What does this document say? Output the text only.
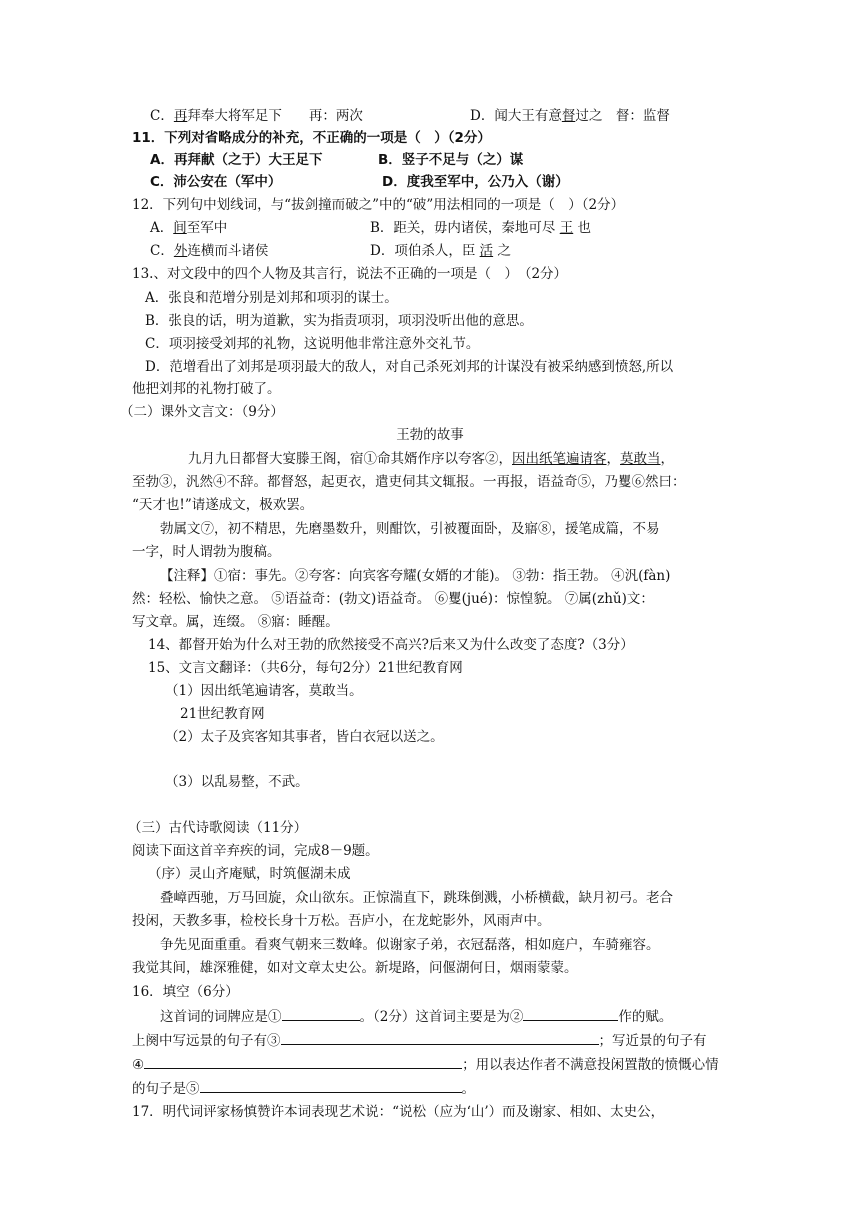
C．再拜奉大将军足下　　再：两次	D．闻大王有意督过之　督：监督
11．下列对省略成分的补充，不正确的一项是（　）（2分）
A．再拜献（之于）大王足下	B．竖子不足与（之）谋
C．沛公安在（军中）	D．度我至军中，公乃入（谢）
12．下列句中划线词，与“拔剑撞而破之”中的“破”用法相同的一项是（　）（2分）
A．间至军中	B．距关，毋内诸侯，秦地可尽 王 也
C．外连横而斗诸侯	D．项伯杀人，臣 活 之
13.、对文段中的四个人物及其言行，说法不正确的一项是（　）　（2分）
A．张良和范增分别是刘邦和项羽的谋士。
B．张良的话，明为道歉，实为指责项羽，项羽没听出他的意思。
C．项羽接受刘邦的礼物，这说明他非常注意外交礼节。
D．范增看出了刘邦是项羽最大的敌人，对自己杀死刘邦的计谋没有被采纳感到愤怒,所以
他把刘邦的礼物打破了。
（二）课外文言文：（9分）
王勃的故事
九月九日都督大宴滕王阁，宿①命其婿作序以夸客②，因出纸笔遍请客，莫敢当，
至勃③，汎然④不辞。都督怒，起更衣，遣吏伺其文辄报。一再报，语益奇⑤，乃矍⑥然曰：
“天才也!”请遂成文，极欢罢。
勃属文⑦，初不精思，先磨墨数升，则酣饮，引被覆面卧，及寤⑧，援笔成篇，不易
一字，时人谓勃为腹稿。
【注释】①宿：事先。②夸客：向宾客夸耀(女婿的才能)。 ③勃：指王勃。 ④汎(fàn)
然：轻松、愉快之意。 ⑤语益奇：(勃文)语益奇。 ⑥矍(jué)：惊惶貌。 ⑦属(zhǔ)文：
写文章。属，连缀。 ⑧寤：睡醒。
14、都督开始为什么对王勃的欣然接受不高兴?后来又为什么改变了态度?（3分）
15、文言文翻译：（共6分，每句2分）21世纪教育网
（1）因出纸笔遍请客，莫敢当。
21世纪教育网
（2）太子及宾客知其事者，皆白衣冠以送之。
（3）以乱易整，不武。
（三）古代诗歌阅读（11分）
阅读下面这首辛弃疾的词，完成8－9题。
（序）灵山齐庵赋，时筑偃湖未成
叠嶂西驰，万马回旋，众山欲东。正惊湍直下，跳珠倒溅，小桥横截，缺月初弓。老合
投闲，天教多事，检校长身十万松。吾庐小，在龙蛇影外，风雨声中。
争先见面重重。看爽气朝来三数峰。似谢家子弟，衣冠磊落，相如庭户，车骑雍容。
我觉其间，雄深雅健，如对文章太史公。新堤路，问偃湖何日，烟雨蒙蒙。
16．填空（6分）
这首词的词牌应是①	。（2分）这首词主要是为②	作的赋。
上阕中写远景的句子有③	；写近景的句子有
④	；用以表达作者不满意投闲置散的愤慨心情
的句子是⑤	。
17．明代词评家杨慎赞许本词表现艺术说：“说松（应为‘山’）而及谢家、相如、太史公，
